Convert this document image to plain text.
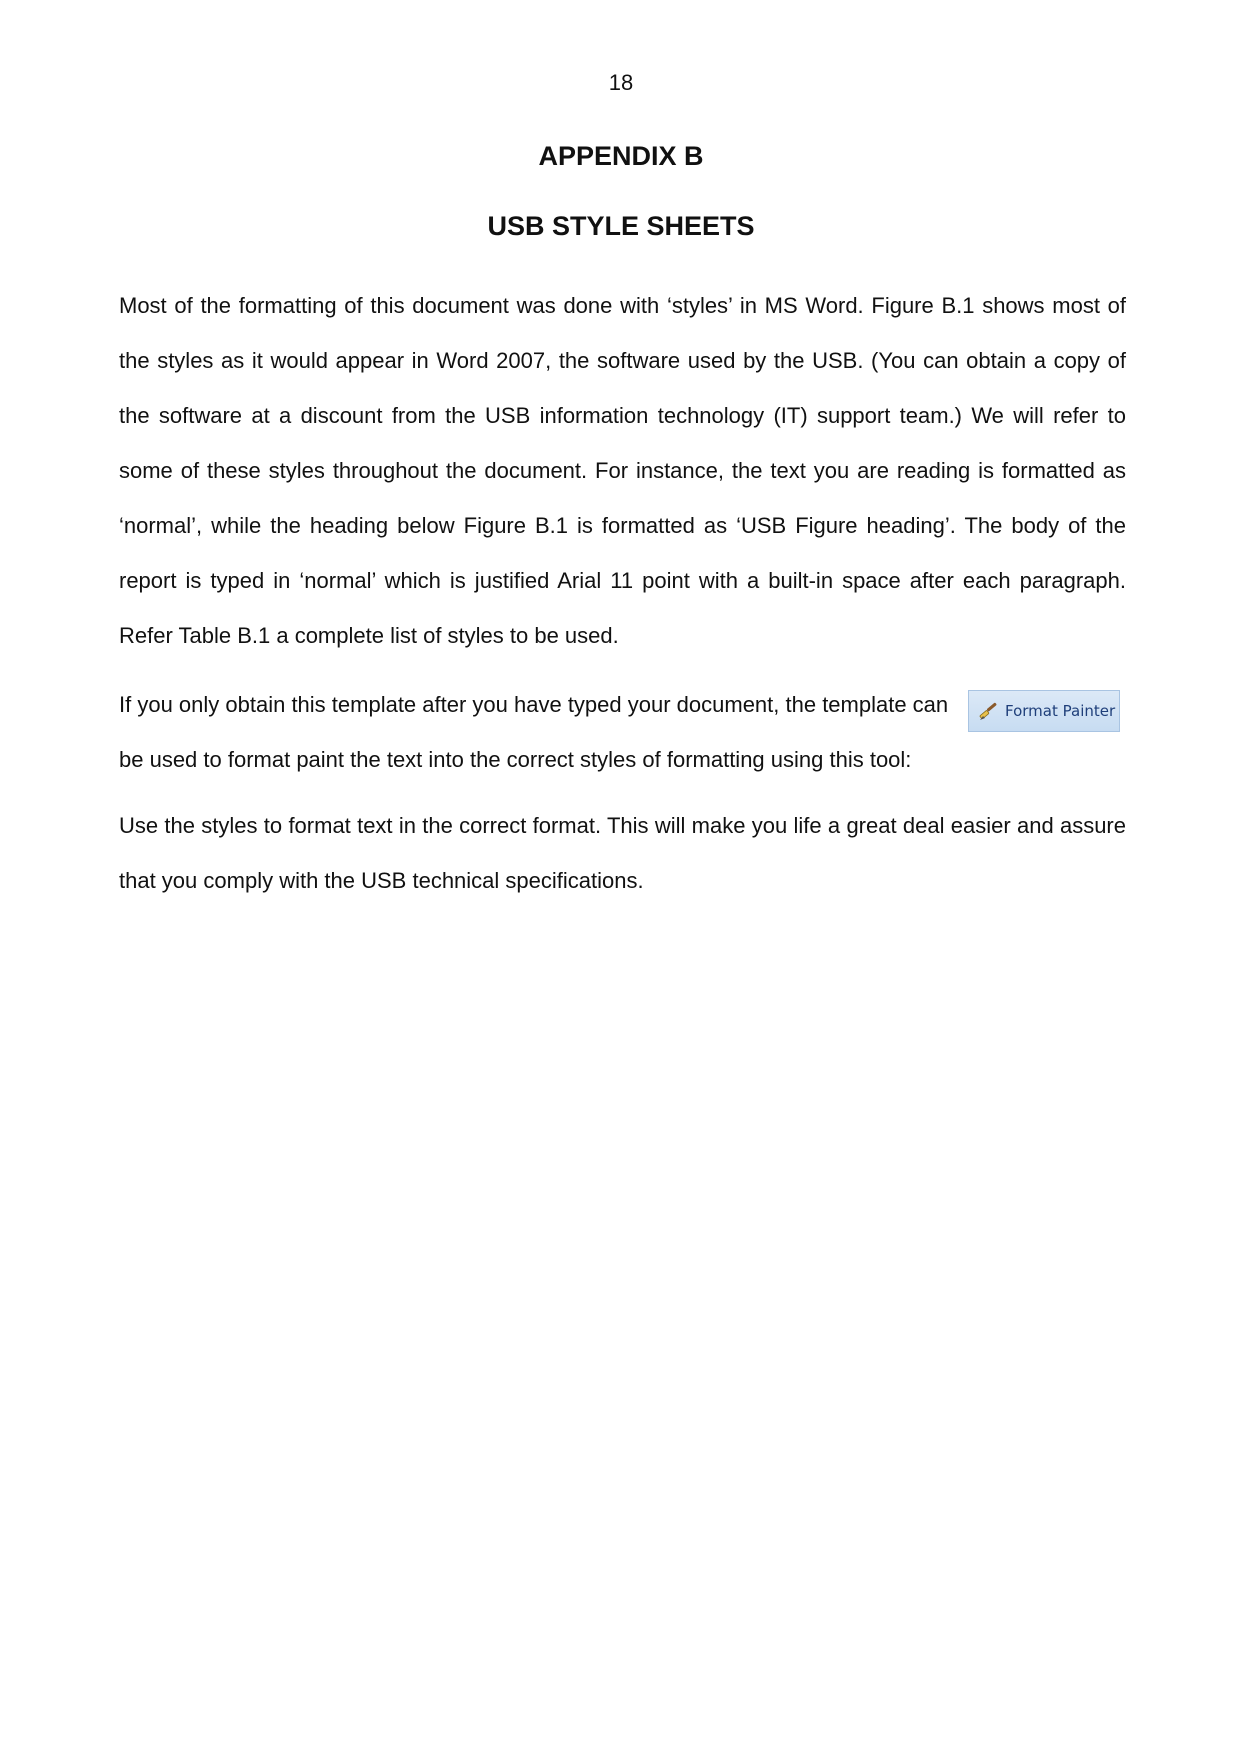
18
APPENDIX B
USB STYLE SHEETS

Most of the formatting of this document was done with ‘styles’ in MS Word. Figure B.1 shows most of the styles as it would appear in Word 2007, the software used by the USB. (You can obtain a copy of the software at a discount from the USB information technology (IT) support team.) We will refer to some of these styles throughout the document. For instance, the text you are reading is formatted as ‘normal’, while the heading below Figure B.1 is formatted as ‘USB Figure heading’. The body of the report is typed in ‘normal’ which is justified Arial 11 point with a built-in space after each paragraph. Refer Table B.1 a complete list of styles to be used.

If you only obtain this template after you have typed your document, the template can be used to format paint the text into the correct styles of formatting using this tool:

Format Painter

Use the styles to format text in the correct format. This will make you life a great deal easier and assure that you comply with the USB technical specifications.
